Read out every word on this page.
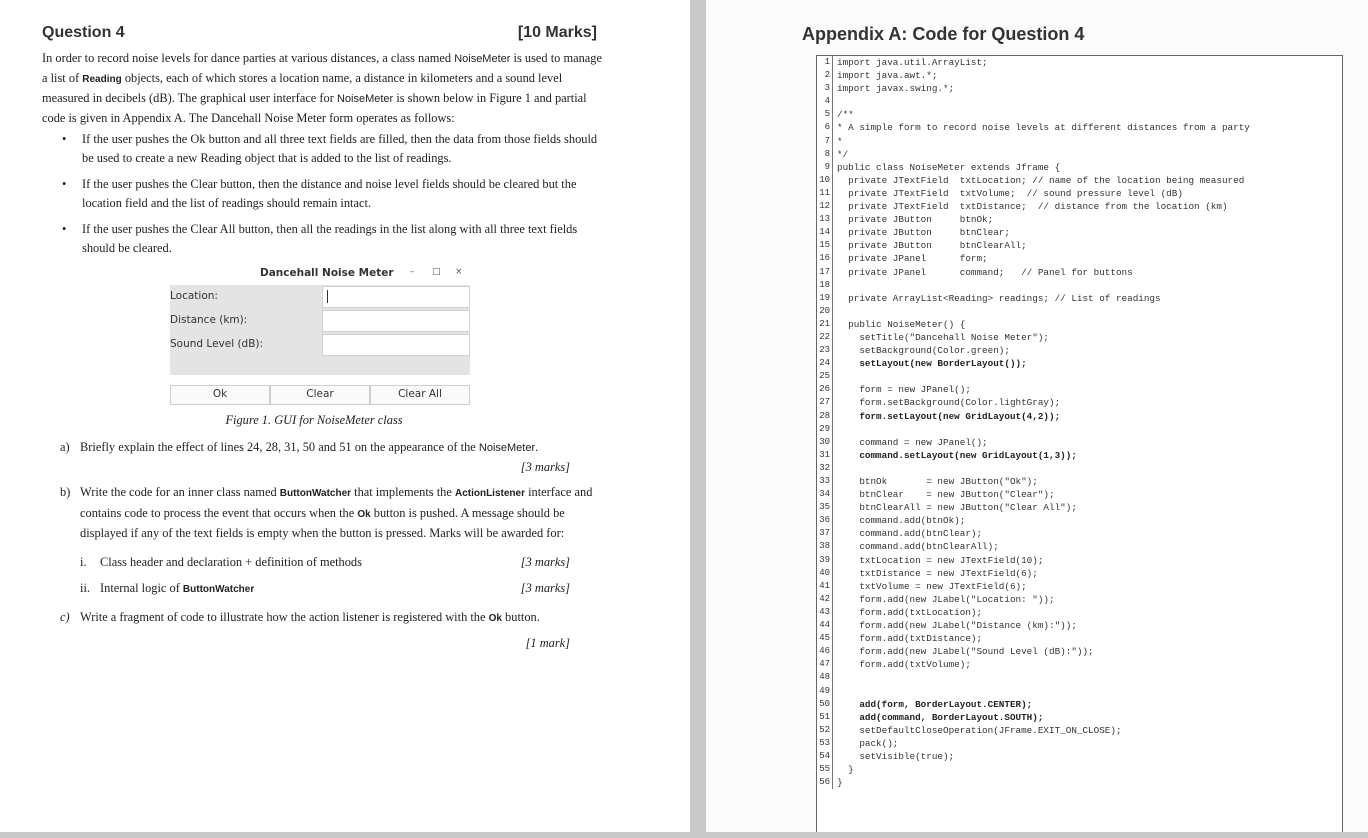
Question 4	[10 Marks]
In order to record noise levels for dance parties at various distances, a class named NoiseMeter is used to manage a list of Reading objects, each of which stores a location name, a distance in kilometers and a sound level measured in decibels (dB). The graphical user interface for NoiseMeter is shown below in Figure 1 and partial code is given in Appendix A. The Dancehall Noise Meter form operates as follows:
• If the user pushes the Ok button and all three text fields are filled, then the data from those fields should be used to create a new Reading object that is added to the list of readings.
• If the user pushes the Clear button, then the distance and noise level fields should be cleared but the location field and the list of readings should remain intact.
• If the user pushes the Clear All button, then all the readings in the list along with all three text fields should be cleared.
Dancehall Noise Meter – □ ×
Location:
Distance (km):
Sound Level (dB):
Ok	Clear	Clear All
Figure 1. GUI for NoiseMeter class
a) Briefly explain the effect of lines 24, 28, 31, 50 and 51 on the appearance of the NoiseMeter.
[3 marks]
b) Write the code for an inner class named ButtonWatcher that implements the ActionListener interface and contains code to process the event that occurs when the Ok button is pushed. A message should be displayed if any of the text fields is empty when the button is pressed. Marks will be awarded for:
i. Class header and declaration + definition of methods	[3 marks]
ii. Internal logic of ButtonWatcher	[3 marks]
c) Write a fragment of code to illustrate how the action listener is registered with the Ok button.
[1 mark]
Appendix A: Code for Question 4
1 import java.util.ArrayList;
2 import java.awt.*;
3 import javax.swing.*;
4
5 /**
6 * A simple form to record noise levels at different distances from a party
7 *
8 */
9 public class NoiseMeter extends Jframe {
10 private JTextField  txtLocation; // name of the location being measured
11 private JTextField  txtVolume;  // sound pressure level (dB)
12 private JTextField  txtDistance;  // distance from the location (km)
13 private JButton     btnOk;
14 private JButton     btnClear;
15 private JButton     btnClearAll;
16 private JPanel      form;
17 private JPanel      command;   // Panel for buttons
18
19 private ArrayList<Reading> readings; // List of readings
20
21 public NoiseMeter() {
22 setTitle("Dancehall Noise Meter");
23 setBackground(Color.green);
24 setLayout(new BorderLayout());
25
26 form = new JPanel();
27 form.setBackground(Color.lightGray);
28 form.setLayout(new GridLayout(4,2));
29
30 command = new JPanel();
31 command.setLayout(new GridLayout(1,3));
32
33 btnOk       = new JButton("Ok");
34 btnClear    = new JButton("Clear");
35 btnClearAll = new JButton("Clear All");
36 command.add(btnOk);
37 command.add(btnClear);
38 command.add(btnClearAll);
39 txtLocation = new JTextField(10);
40 txtDistance = new JTextField(6);
41 txtVolume = new JTextField(6);
42 form.add(new JLabel("Location: "));
43 form.add(txtLocation);
44 form.add(new JLabel("Distance (km):"));
45 form.add(txtDistance);
46 form.add(new JLabel("Sound Level (dB):"));
47 form.add(txtVolume);
48
49
50 add(form, BorderLayout.CENTER);
51 add(command, BorderLayout.SOUTH);
52 setDefaultCloseOperation(JFrame.EXIT_ON_CLOSE);
53 pack();
54 setVisible(true);
55 }
56 }
